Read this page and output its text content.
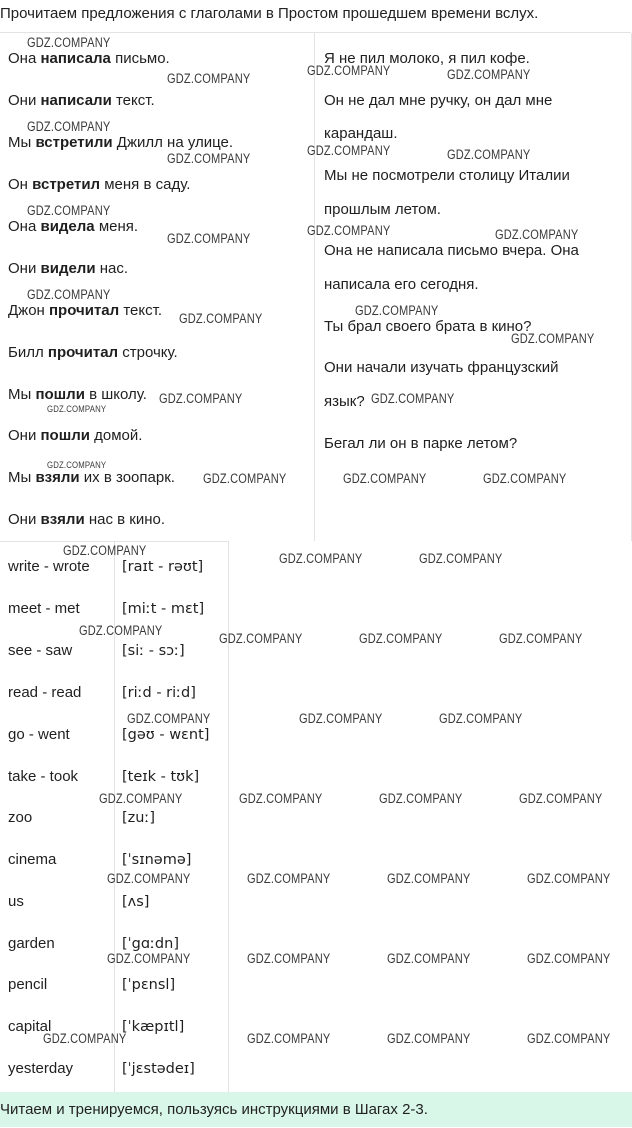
Прочитаем предложения с глаголами в Простом прошедшем времени вслух.
Она написала письмо.
Они написали текст.
Мы встретили Джилл на улице.
Он встретил меня в саду.
Она видела меня.
Они видели нас.
Джон прочитал текст.
Билл прочитал строчку.
Мы пошли в школу.
Они пошли домой.
Мы взяли их в зоопарк.
Они взяли нас в кино.
Я не пил молоко, я пил кофе.
Он не дал мне ручку, он дал мне
карандаш.
Мы не посмотрели столицу Италии
прошлым летом.
Она не написала письмо вчера. Она
написала его сегодня.
Ты брал своего брата в кино?
Они начали изучать французский
язык?
Бегал ли он в парке летом?
write - wrote [raɪt - rəʊt]
meet - met	[miːt - mɛt]
see - saw	[siː - sɔː]
read - read	[riːd - riːd]
go - went	[gəʊ - wɛnt]
take - took	[teɪk - tʊk]
zoo	[zuː]
cinema	[ˈsɪnəmə]
us	[ʌs]
garden	[ˈgɑːdn]
pencil	[ˈpɛnsl]
capital	[ˈkæpɪtl]
yesterday	[ˈjɛstədeɪ]
Читаем и тренируемся, пользуясь инструкциями в Шагах 2-3.
GDZ.COMPANY
GDZ.COMPANY
GDZ.COMPANY	GDZ.COMPANY
GDZ.COMPANY
GDZ.COMPANY
GDZ.COMPANY	GDZ.COMPANY
GDZ.COMPANY
GDZ.COMPANY
GDZ.COMPANY	GDZ.COMPANY
GDZ.COMPANY
GDZ.COMPANY
GDZ.COMPANY
GDZ.COMPANY
GDZ.COMPANY	GDZ.COMPANY
GDZ.COMPANY
GDZ.COMPANY
GDZ.COMPANY	GDZ.COMPANY	GDZ.COMPANY
GDZ.COMPANY
GDZ.COMPANY	GDZ.COMPANY
GDZ.COMPANY
GDZ.COMPANY	GDZ.COMPANY	GDZ.COMPANY
GDZ.COMPANY	GDZ.COMPANY	GDZ.COMPANY
GDZ.COMPANY	GDZ.COMPANY	GDZ.COMPANY	GDZ.COMPANY
GDZ.COMPANY	GDZ.COMPANY	GDZ.COMPANY	GDZ.COMPANY
GDZ.COMPANY	GDZ.COMPANY	GDZ.COMPANY	GDZ.COMPANY
GDZ.COMPANY	GDZ.COMPANY	GDZ.COMPANY	GDZ.COMPANY
